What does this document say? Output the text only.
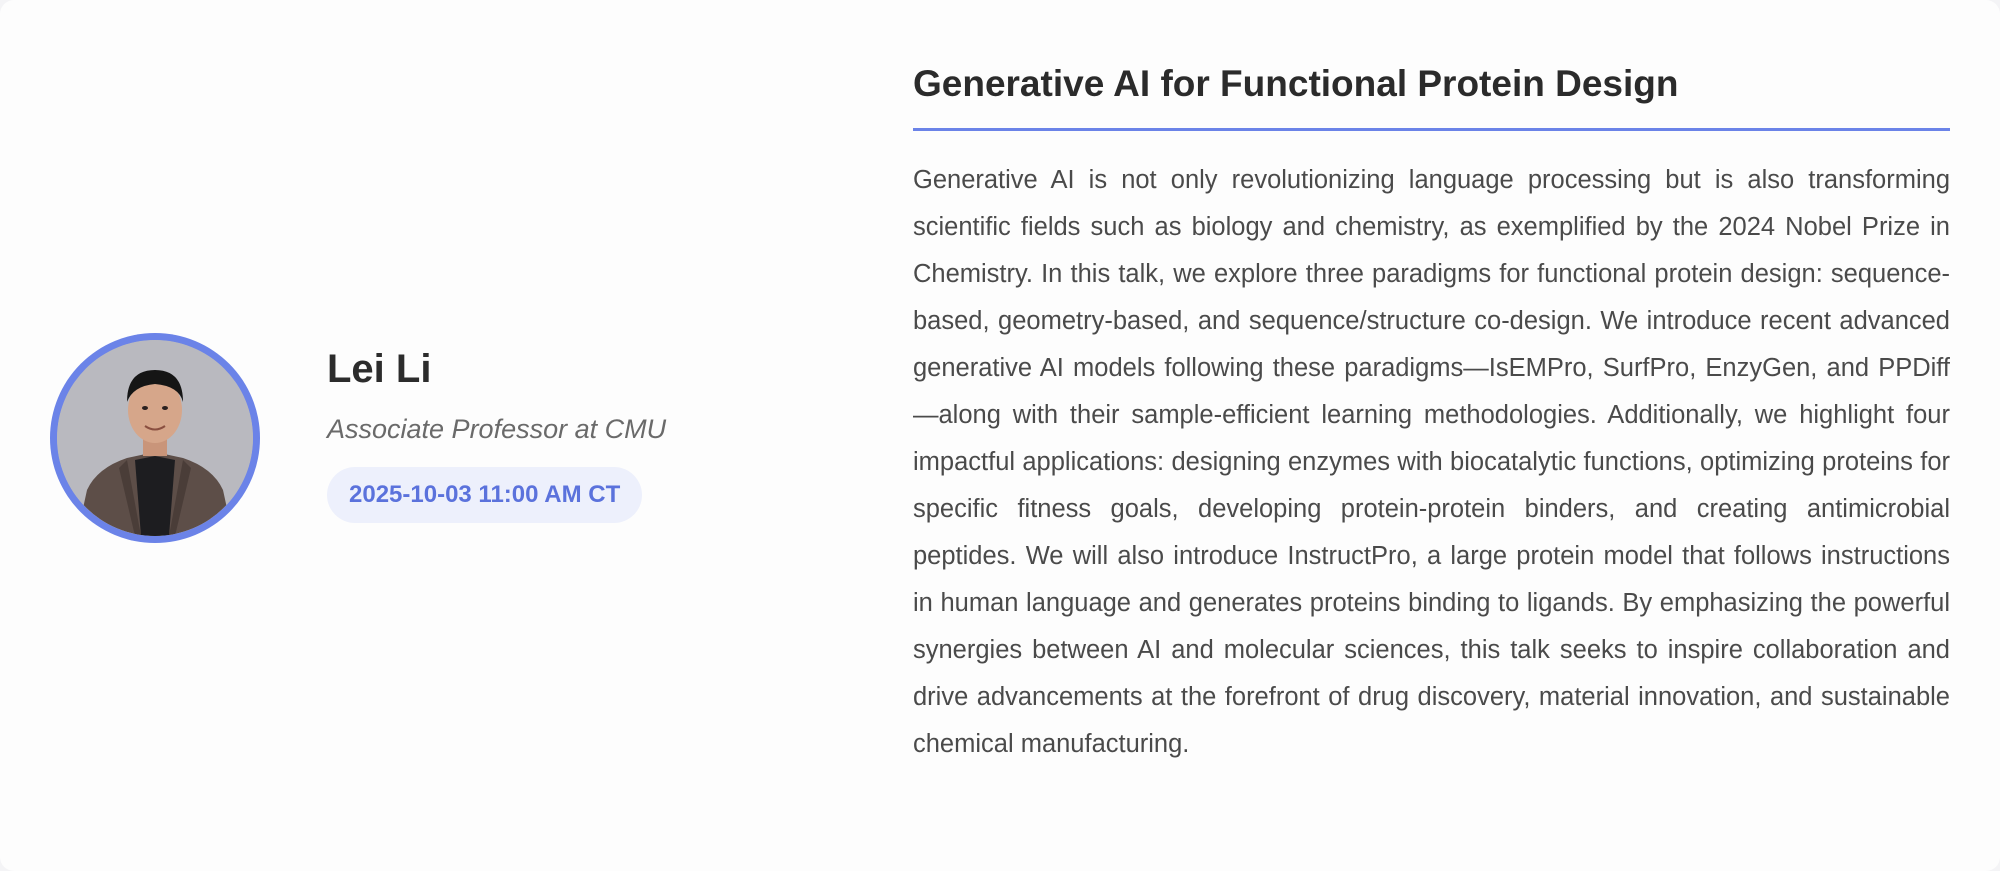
Lei Li
Associate Professor at CMU
2025-10-03 11:00 AM CT
Generative AI for Functional Protein Design

Generative AI is not only revolutionizing language processing but is also transforming scientific fields such as biology and chemistry, as exemplified by the 2024 Nobel Prize in Chemistry. In this talk, we explore three paradigms for functional protein design: sequence-based, geometry-based, and sequence/structure co-design. We introduce recent advanced generative AI models following these paradigms—IsEMPro, SurfPro, EnzyGen, and PPDiff—along with their sample-efficient learning methodologies. Additionally, we highlight four impactful applications: designing enzymes with biocatalytic functions, optimizing proteins for specific fitness goals, developing protein-protein binders, and creating antimicrobial peptides. We will also introduce InstructPro, a large protein model that follows instructions in human language and generates proteins binding to ligands. By emphasizing the powerful synergies between AI and molecular sciences, this talk seeks to inspire collaboration and drive advancements at the forefront of drug discovery, material innovation, and sustainable chemical manufacturing.
